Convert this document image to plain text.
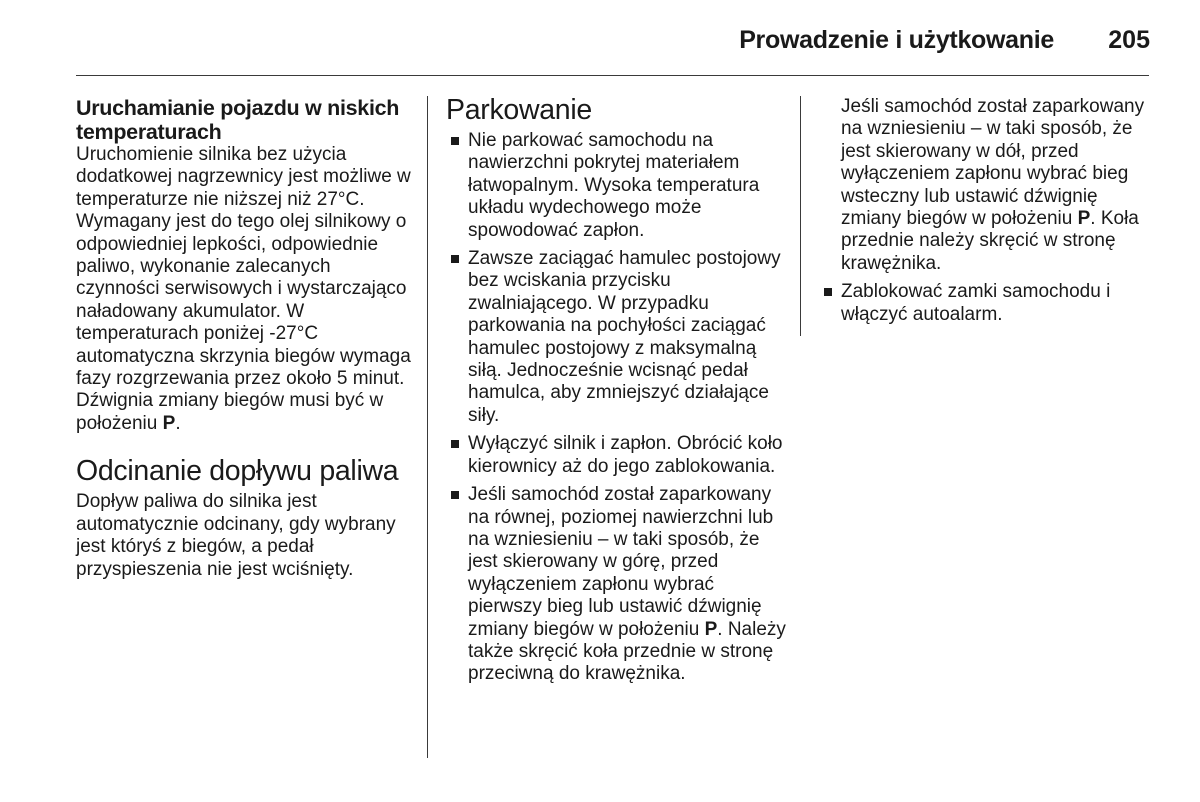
Prowadzenie i użytkowanie 205

Uruchamianie pojazdu w niskich temperaturach

Uruchomienie silnika bez użycia dodatkowej nagrzewnicy jest możliwe w temperaturze nie niższej niż 27°C. Wymagany jest do tego olej silnikowy o odpowiedniej lepkości, odpowiednie paliwo, wykonanie zalecanych czynności serwisowych i wystarczająco naładowany akumulator. W temperaturach poniżej -27°C automatyczna skrzynia biegów wymaga fazy rozgrzewania przez około 5 minut. Dźwignia zmiany biegów musi być w położeniu P.

Odcinanie dopływu paliwa

Dopływ paliwa do silnika jest automatycznie odcinany, gdy wybrany jest któryś z biegów, a pedał przyspieszenia nie jest wciśnięty.

Parkowanie

Nie parkować samochodu na nawierzchni pokrytej materiałem łatwopalnym. Wysoka temperatura układu wydechowego może spowodować zapłon.
Zawsze zaciągać hamulec postojowy bez wciskania przycisku zwalniającego. W przypadku parkowania na pochyłości zaciągać hamulec postojowy z maksymalną siłą. Jednocześnie wcisnąć pedał hamulca, aby zmniejszyć działające siły.
Wyłączyć silnik i zapłon. Obrócić koło kierownicy aż do jego zablokowania.
Jeśli samochód został zaparkowany na równej, poziomej nawierzchni lub na wzniesieniu – w taki sposób, że jest skierowany w górę, przed wyłączeniem zapłonu wybrać pierwszy bieg lub ustawić dźwignię zmiany biegów w położeniu P. Należy także skręcić koła przednie w stronę przeciwną do krawężnika.

Jeśli samochód został zaparkowany na wzniesieniu – w taki sposób, że jest skierowany w dół, przed wyłączeniem zapłonu wybrać bieg wsteczny lub ustawić dźwignię zmiany biegów w położeniu P. Koła przednie należy skręcić w stronę krawężnika.

Zablokować zamki samochodu i włączyć autoalarm.
